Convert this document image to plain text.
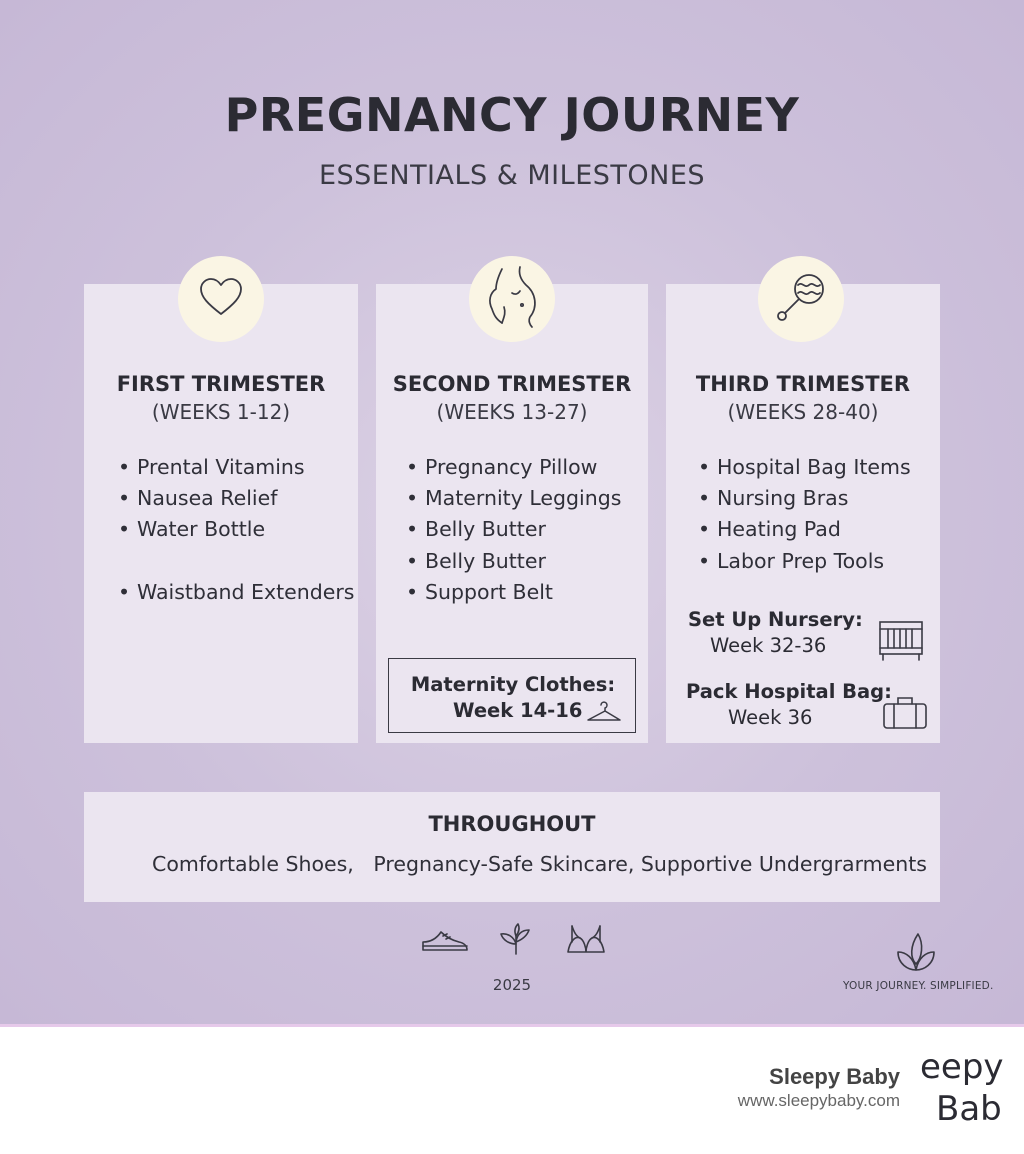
PREGNANCY JOURNEY
ESSENTIALS & MILESTONES
FIRST TRIMESTER
(WEEKS 1-12)
• Prental Vitamins
• Nausea Relief
• Water Bottle
• Waistband Extenders
SECOND TRIMESTER
(WEEKS 13-27)
• Pregnancy Pillow
• Maternity Leggings
• Belly Butter
• Belly Butter
• Support Belt
Maternity Clothes:
Week 14-16
THIRD TRIMESTER
(WEEKS 28-40)
• Hospital Bag Items
• Nursing Bras
• Heating Pad
• Labor Prep Tools
Set Up Nursery:
Week 32-36
Pack Hospital Bag:
Week 36
THROUGHOUT
Comfortable Shoes,   Pregnancy-Safe Skincare, Supportive Undergrarments
2025	YOUR JOURNEY. SIMPLIFIED.
Sleepy Baby
www.sleepybaby.com
eepy
Bab
